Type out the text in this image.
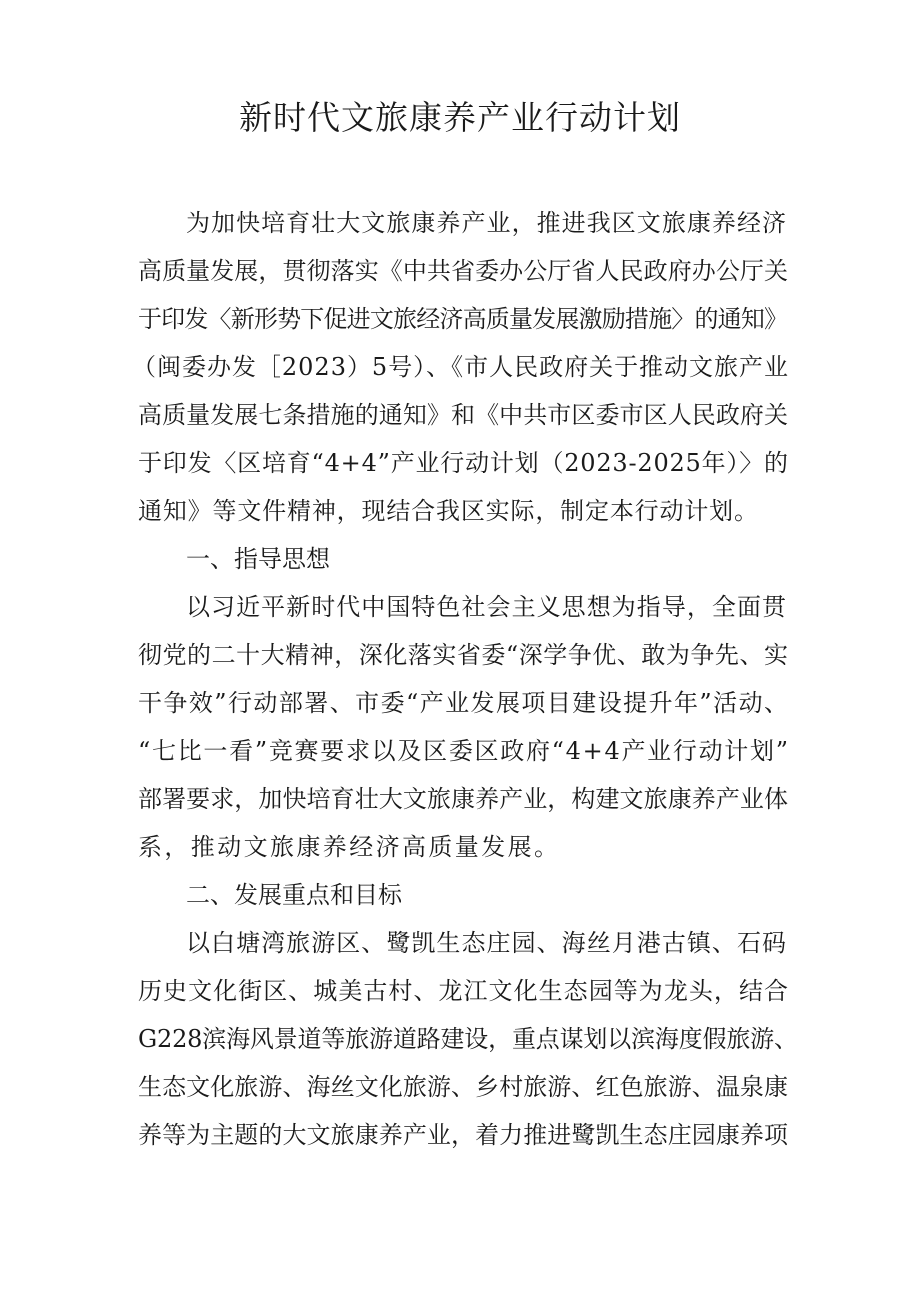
新时代文旅康养产业行动计划
为加快培育壮大文旅康养产业，推进我区文旅康养经济
高质量发展，贯彻落实《中共省委办公厅省人民政府办公厅关
于印发〈新形势下促进文旅经济高质量发展激励措施〉的通知》
（闽委办发［2023）5号）、《市人民政府关于推动文旅产业
高质量发展七条措施的通知》和《中共市区委市区人民政府关
于印发〈区培育“4+4”产业行动计划（2023-2025年）〉的
通知》等文件精神，现结合我区实际，制定本行动计划。
一、指导思想
以习近平新时代中国特色社会主义思想为指导，全面贯
彻党的二十大精神，深化落实省委“深学争优、敢为争先、实
干争效”行动部署、市委“产业发展项目建设提升年”活动、
“七比一看”竞赛要求以及区委区政府“4+4产业行动计划”
部署要求，加快培育壮大文旅康养产业，构建文旅康养产业体
系，推动文旅康养经济高质量发展。
二、发展重点和目标
以白塘湾旅游区、鹭凯生态庄园、海丝月港古镇、石码
历史文化街区、城美古村、龙江文化生态园等为龙头，结合
G228滨海风景道等旅游道路建设，重点谋划以滨海度假旅游、
生态文化旅游、海丝文化旅游、乡村旅游、红色旅游、温泉康
养等为主题的大文旅康养产业，着力推进鹭凯生态庄园康养项
